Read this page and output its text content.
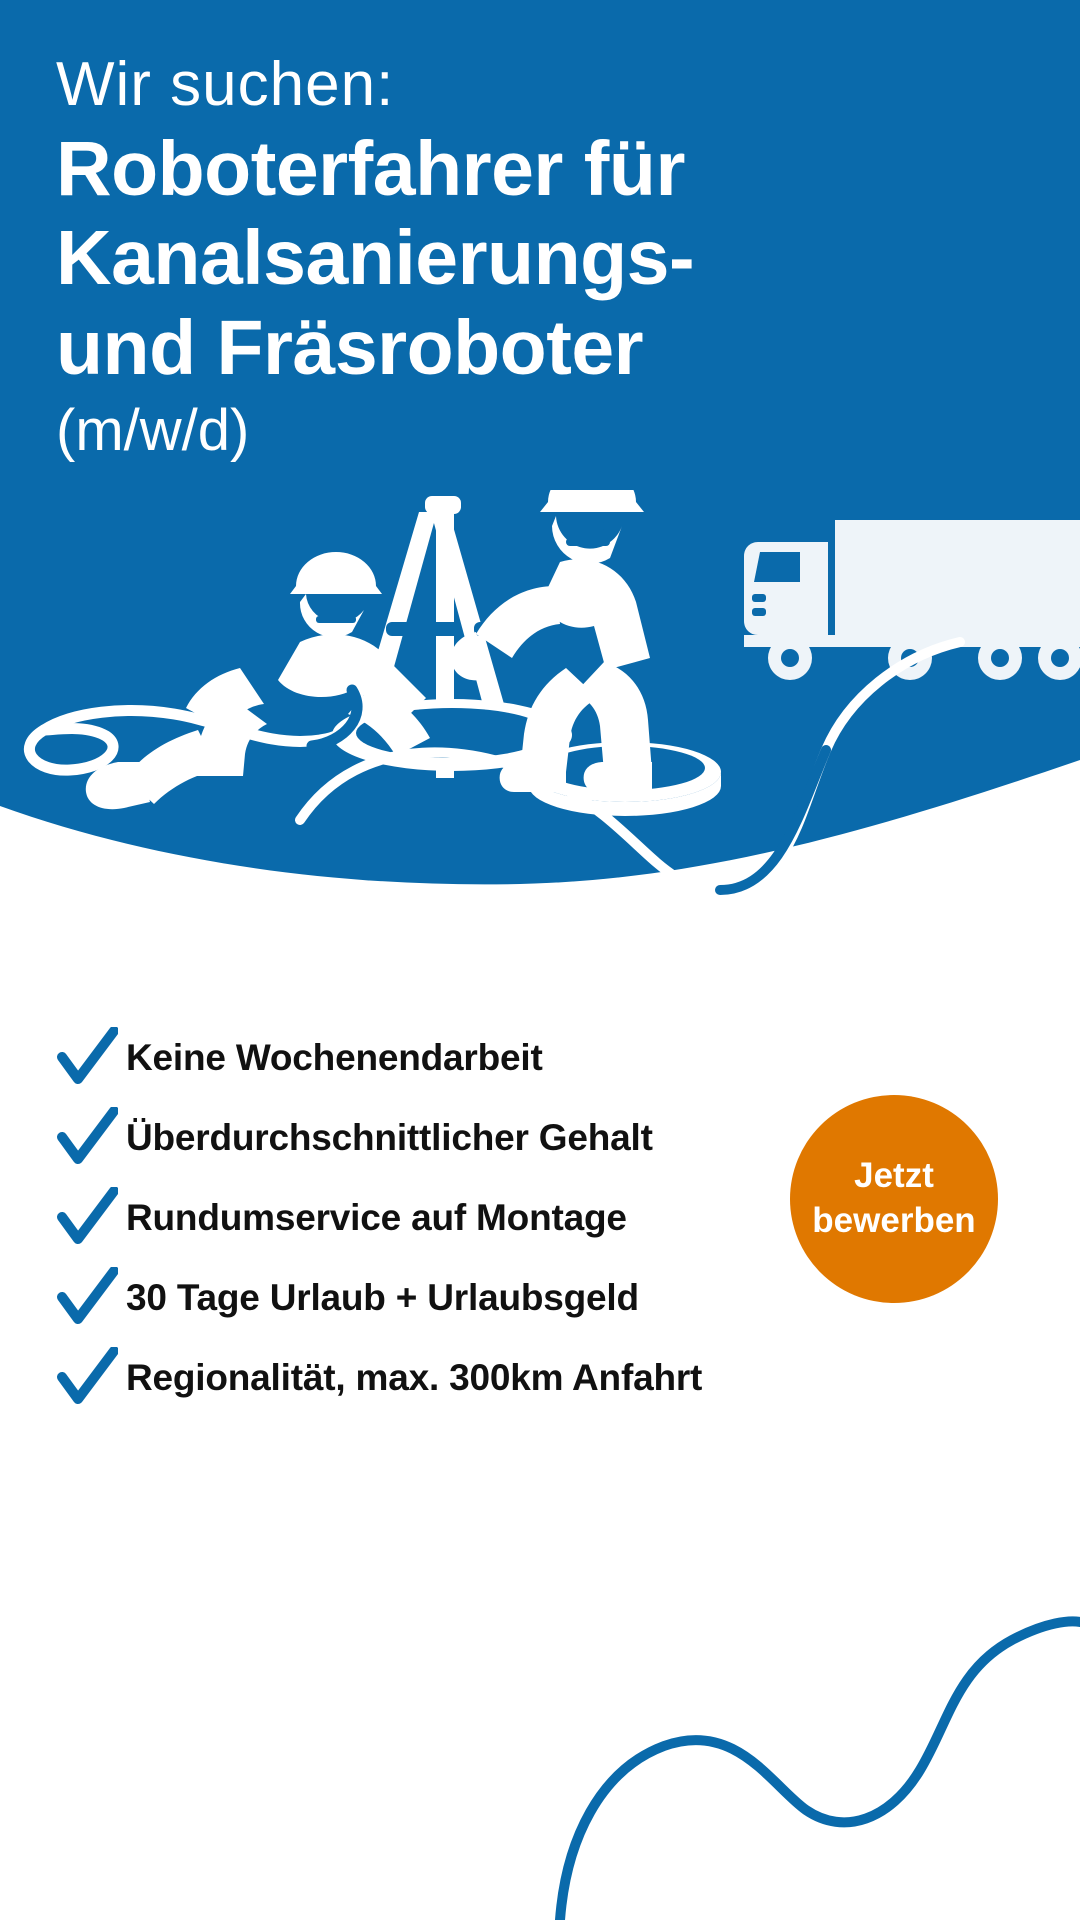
Wir suchen:

Roboterfahrer für

Kanalsanierungs-

und Fräsroboter

(m/w/d)

Keine Wochenendarbeit
Überdurchschnittlicher Gehalt
Rundumservice auf Montage
30 Tage Urlaub + Urlaubsgeld
Regionalität, max. 300km Anfahrt
Jetzt
bewerben
